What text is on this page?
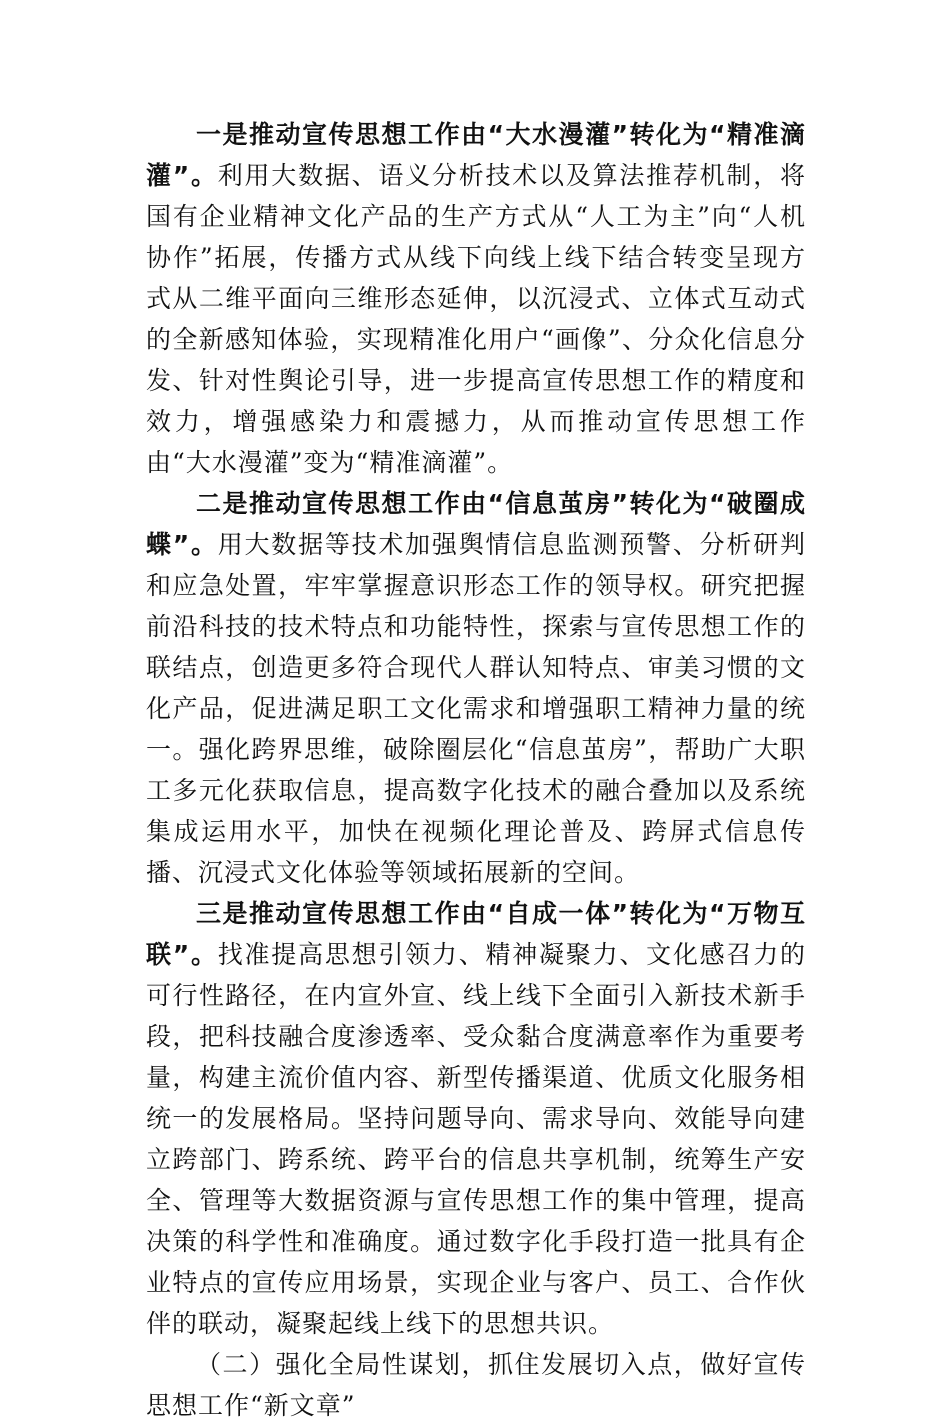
一是推动宣传思想工作由“大水漫灌”转化为“精准滴灌”。利用大数据、语义分析技术以及算法推荐机制，将国有企业精神文化产品的生产方式从“人工为主”向“人机协作”拓展，传播方式从线下向线上线下结合转变呈现方式从二维平面向三维形态延伸，以沉浸式、立体式互动式的全新感知体验，实现精准化用户“画像”、分众化信息分发、针对性舆论引导，进一步提高宣传思想工作的精度和效力，增强感染力和震撼力，从而推动宣传思想工作由“大水漫灌”变为“精准滴灌”。

二是推动宣传思想工作由“信息茧房”转化为“破圈成蝶”。用大数据等技术加强舆情信息监测预警、分析研判和应急处置，牢牢掌握意识形态工作的领导权。研究把握前沿科技的技术特点和功能特性，探索与宣传思想工作的联结点，创造更多符合现代人群认知特点、审美习惯的文化产品，促进满足职工文化需求和增强职工精神力量的统一。强化跨界思维，破除圈层化“信息茧房”，帮助广大职工多元化获取信息，提高数字化技术的融合叠加以及系统集成运用水平，加快在视频化理论普及、跨屏式信息传播、沉浸式文化体验等领域拓展新的空间。

三是推动宣传思想工作由“自成一体”转化为“万物互联”。找准提高思想引领力、精神凝聚力、文化感召力的可行性路径，在内宣外宣、线上线下全面引入新技术新手段，把科技融合度渗透率、受众黏合度满意率作为重要考量，构建主流价值内容、新型传播渠道、优质文化服务相统一的发展格局。坚持问题导向、需求导向、效能导向建立跨部门、跨系统、跨平台的信息共享机制，统筹生产安全、管理等大数据资源与宣传思想工作的集中管理，提高决策的科学性和准确度。通过数字化手段打造一批具有企业特点的宣传应用场景，实现企业与客户、员工、合作伙伴的联动，凝聚起线上线下的思想共识。

（二）强化全局性谋划，抓住发展切入点，做好宣传思想工作“新文章”
